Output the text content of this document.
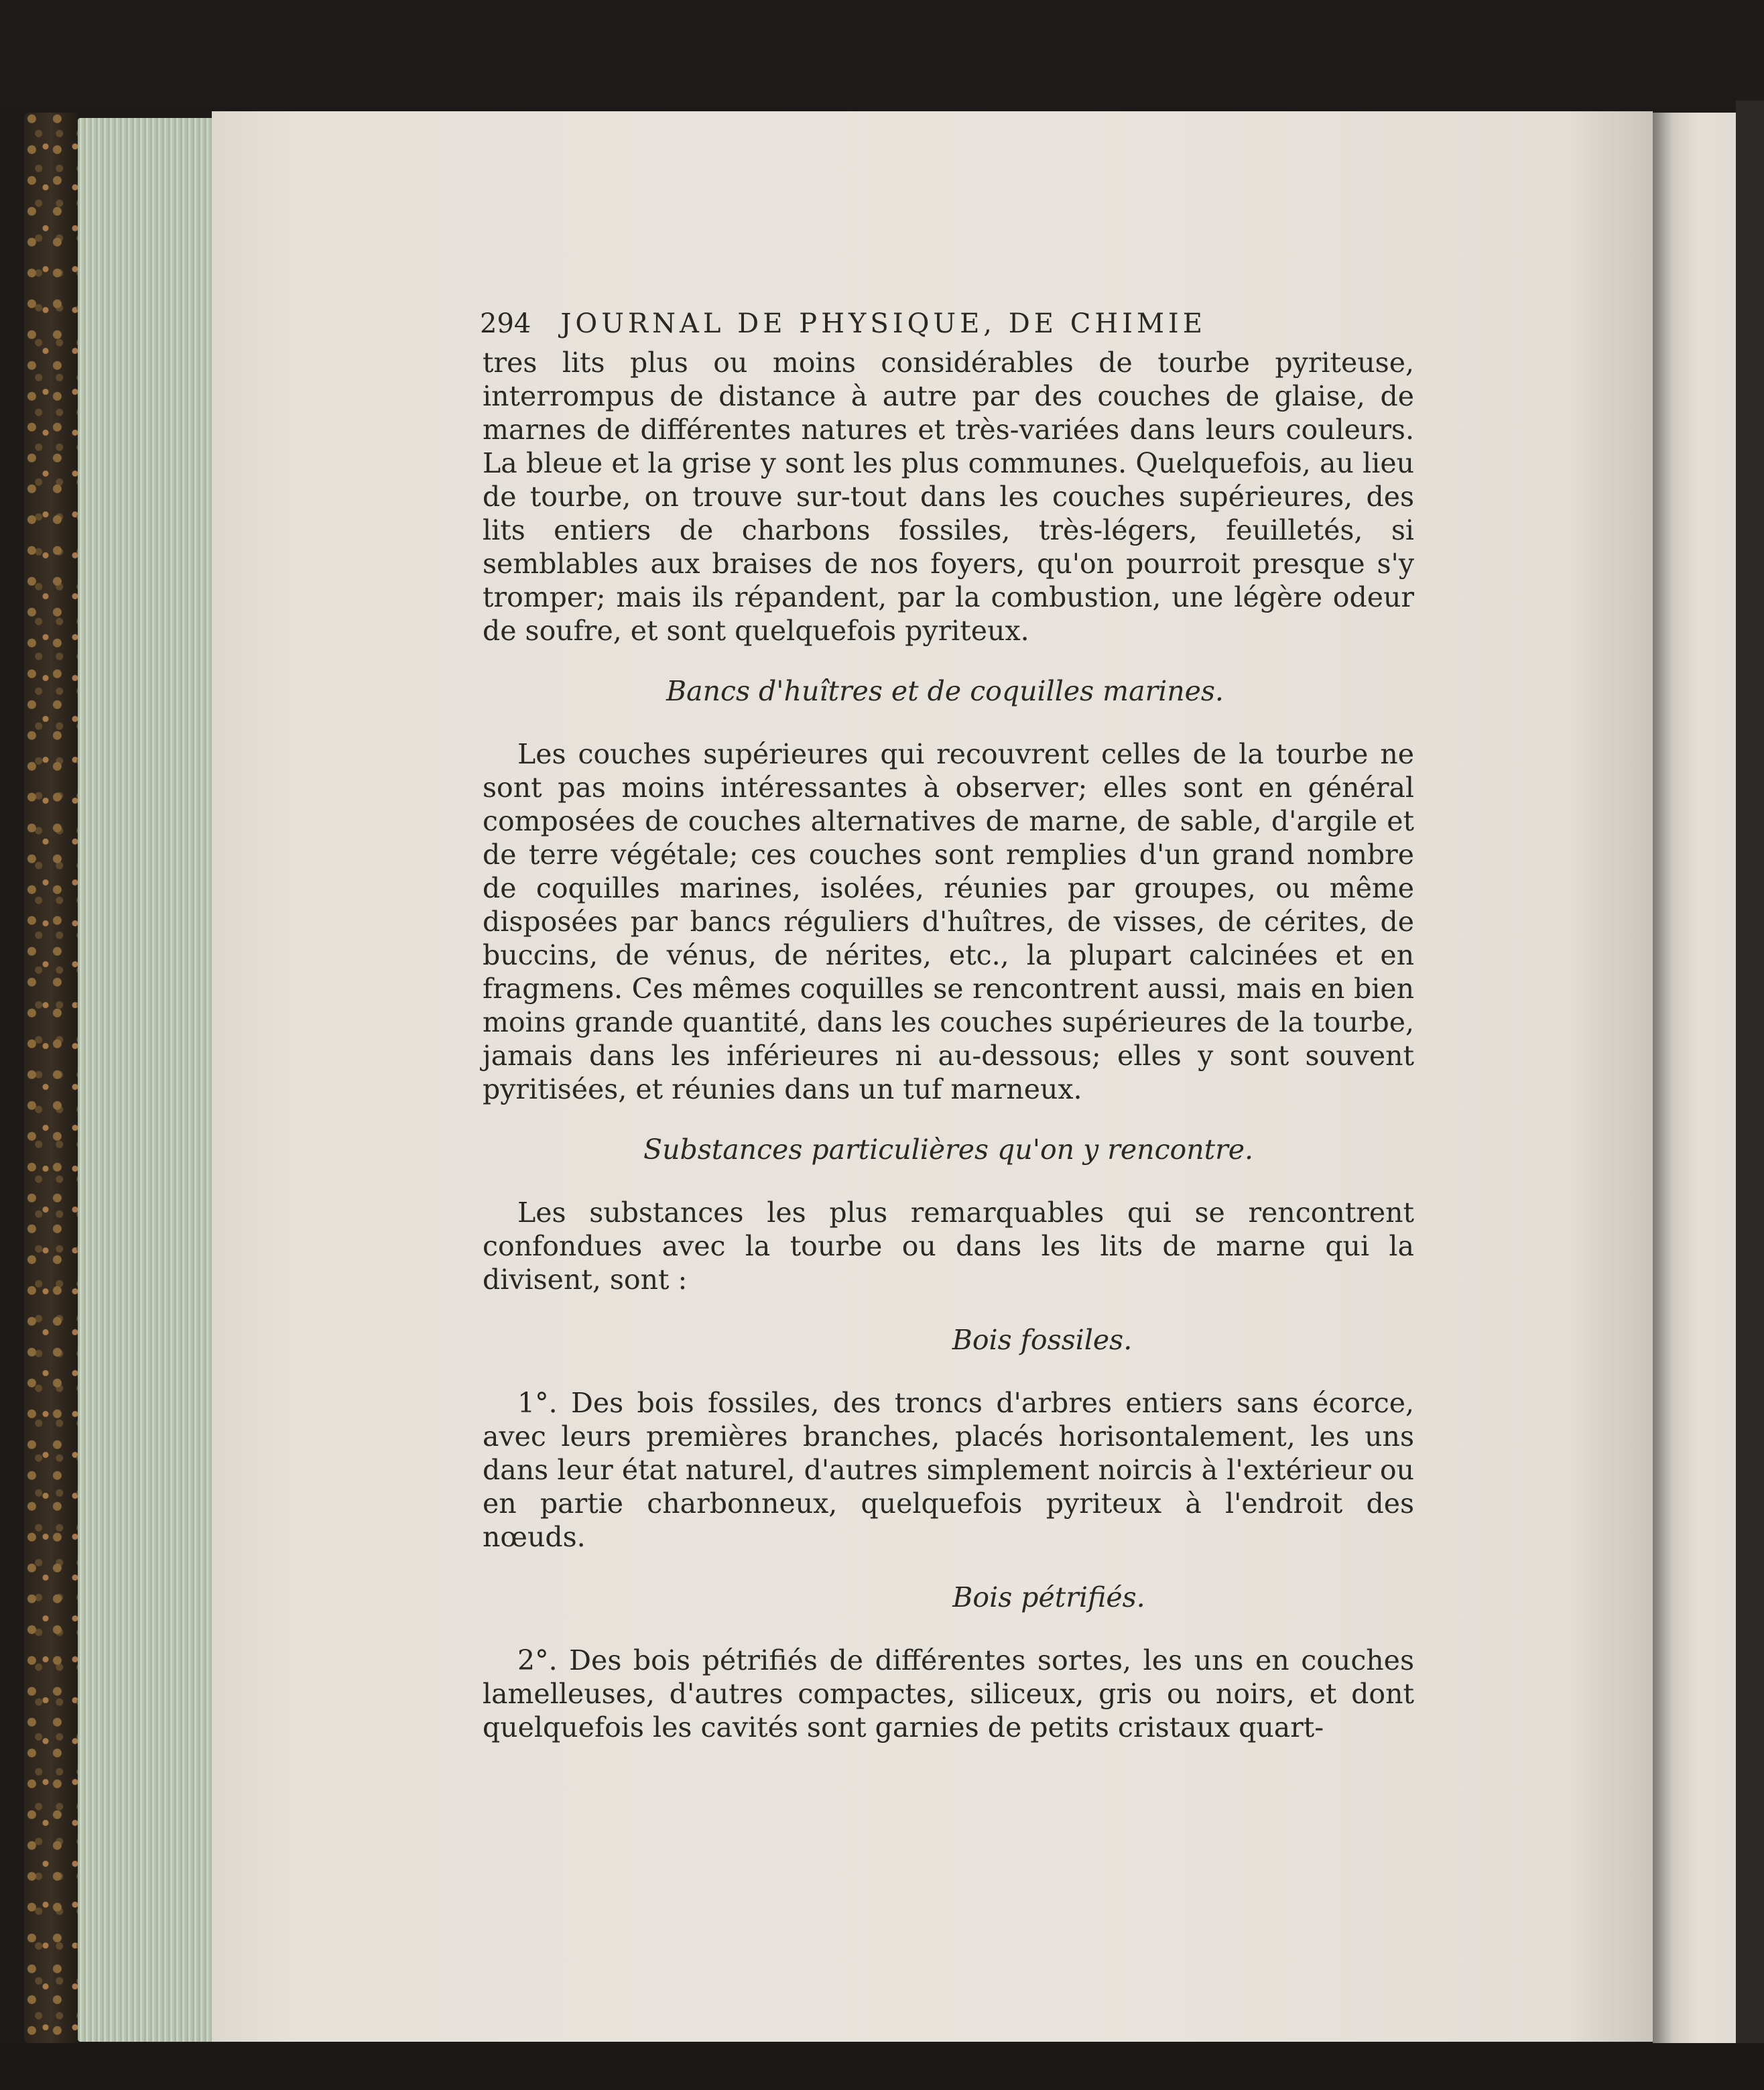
294 JOURNAL DE PHYSIQUE, DE CHIMIE

tres lits plus ou moins considérables de tourbe pyriteuse, interrompus de distance à autre par des couches de glaise, de marnes de différentes natures et très-variées dans leurs couleurs. La bleue et la grise y sont les plus communes. Quelquefois, au lieu de tourbe, on trouve sur-tout dans les couches supérieures, des lits entiers de charbons fossiles, très-légers, feuilletés, si semblables aux braises de nos foyers, qu'on pourroit presque s'y tromper; mais ils répandent, par la combustion, une légère odeur de soufre, et sont quelquefois pyriteux.

Bancs d'huîtres et de coquilles marines.

Les couches supérieures qui recouvrent celles de la tourbe ne sont pas moins intéressantes à observer; elles sont en général composées de couches alternatives de marne, de sable, d'argile et de terre végétale; ces couches sont remplies d'un grand nombre de coquilles marines, isolées, réunies par groupes, ou même disposées par bancs réguliers d'huîtres, de visses, de cérites, de buccins, de vénus, de nérites, etc., la plupart calcinées et en fragmens. Ces mêmes coquilles se rencontrent aussi, mais en bien moins grande quantité, dans les couches supérieures de la tourbe, jamais dans les inférieures ni au-dessous; elles y sont souvent pyritisées, et réunies dans un tuf marneux.

Substances particulières qu'on y rencontre.

Les substances les plus remarquables qui se rencontrent confondues avec la tourbe ou dans les lits de marne qui la divisent, sont :

Bois fossiles.

1°. Des bois fossiles, des troncs d'arbres entiers sans écorce, avec leurs premières branches, placés horisontalement, les uns dans leur état naturel, d'autres simplement noircis à l'extérieur ou en partie charbonneux, quelquefois pyriteux à l'endroit des nœuds.

Bois pétrifiés.

2°. Des bois pétrifiés de différentes sortes, les uns en couches lamelleuses, d'autres compactes, siliceux, gris ou noirs, et dont quelquefois les cavités sont garnies de petits cristaux quart-
